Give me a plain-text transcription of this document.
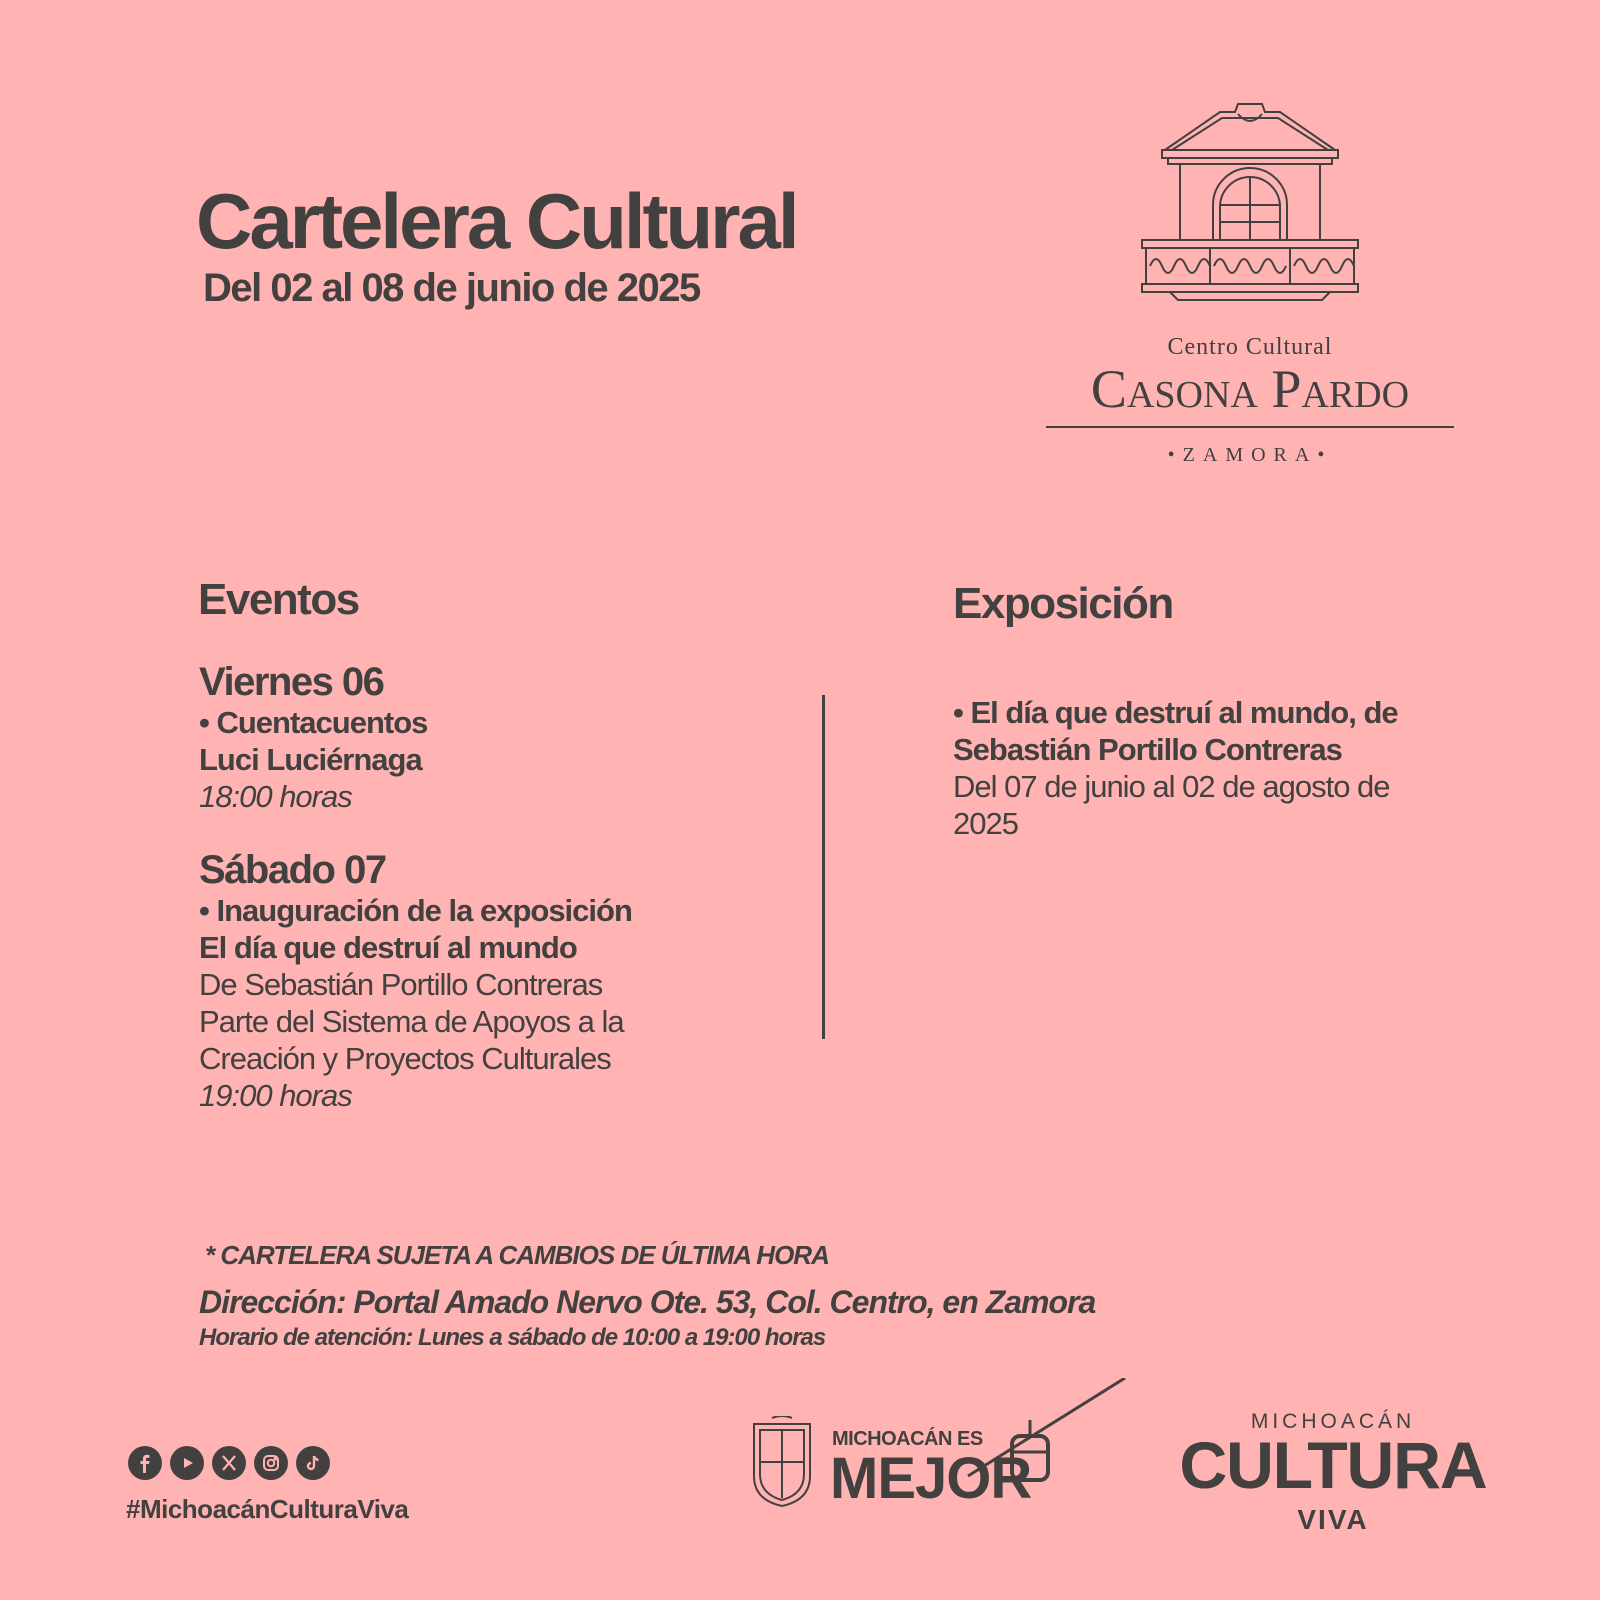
Cartelera Cultural
Del 02 al 08 de junio de 2025
Centro Cultural
Casona Pardo
•ZAMORA•
Eventos
Viernes 06
• Cuentacuentos
Luci Luciérnaga
18:00 horas
Sábado 07
• Inauguración de la exposición
El día que destruí al mundo
De Sebastián Portillo Contreras
Parte del Sistema de Apoyos a la
Creación y Proyectos Culturales
19:00 horas
Exposición
• El día que destruí al mundo, de
Sebastián Portillo Contreras
Del 07 de junio al 02 de agosto de
2025
* CARTELERA SUJETA A CAMBIOS DE ÚLTIMA HORA
Dirección: Portal Amado Nervo Ote. 53, Col. Centro, en Zamora
Horario de atención: Lunes a sábado de 10:00 a 19:00 horas
#MichoacánCulturaViva
MICHOACÁN ES
MEJOR
MICHOACÁN
CULTURA
VIVA
